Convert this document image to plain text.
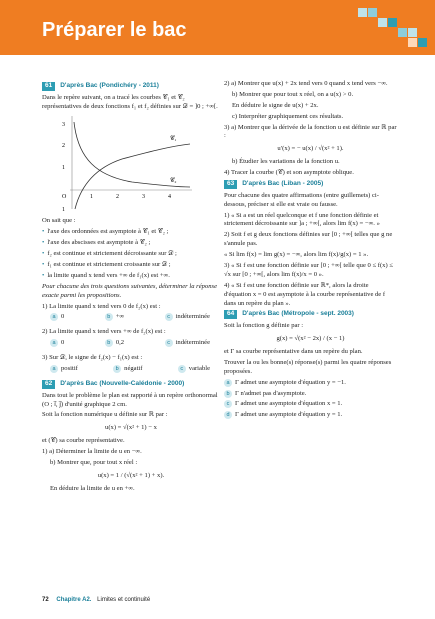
Préparer le bac
61	D'après Bac (Pondichéry - 2011)

Dans le repère suivant, on a tracé les courbes 𝒞₁ et 𝒞₂ représentatives de deux fonctions f₁ et f₂ définies sur 𝒟 = ]0 ; +∞[.

3
2
1
O	1	2	3	4
1
𝒞₁
𝒞₂

On sait que :

• l'axe des ordonnées est asymptote à 𝒞₁ et 𝒞₂ ;

• l'axe des abscisses est asymptote à 𝒞₂ ;

• f₂ est continue et strictement décroissante sur 𝒟 ;

• f₁ est continue et strictement croissante sur 𝒟 ;

• la limite quand x tend vers +∞ de f₁(x) est +∞.

Pour chacune des trois questions suivantes, déterminer la réponse exacte parmi les propositions.

1) La limite quand x tend vers 0 de f₂(x) est :

a 0	b +∞	c indéterminée

2) La limite quand x tend vers +∞ de f₂(x) est :

a 0	b 0,2	c indéterminée

3) Sur 𝒟, le signe de f₂(x) − f₁(x) est :

a positif	b négatif	c variable
62	D'après Bac (Nouvelle-Calédonie - 2000)

Dans tout le problème le plan est rapporté à un repère orthonormal (O ; i⃗, j⃗) d'unité graphique 2 cm.

Soit la fonction numérique u définie sur ℝ par :

u(x) = √(x² + 1) − x

et (𝒞) sa courbe représentative.

1) a) Déterminer la limite de u en −∞.

b) Montrer que, pour tout x réel :

u(x) = 1 / (√(x² + 1) + x).

En déduire la limite de u en +∞.

2) a) Montrer que u(x) + 2x tend vers 0 quand x tend vers −∞.

b) Montrer que pour tout x réel, on a u(x) > 0.

En déduire le signe de u(x) + 2x.

c) Interpréter graphiquement ces résultats.

3) a) Montrer que la dérivée de la fonction u est définie sur ℝ par :

u′(x) = − u(x) / √(x² + 1).

b) Étudier les variations de la fonction u.

4) Tracer la courbe (𝒞) et son asymptote oblique.

63	D'après Bac (Liban - 2005)

Pour chacune des quatre affirmations (entre guillemets) ci-dessous, préciser si elle est vraie ou fausse.

1) « Si a est un réel quelconque et f une fonction définie et strictement décroissante sur ]a ; +∞[, alors lim f(x) = −∞. »

2) Soit f et g deux fonctions définies sur [0 ; +∞[ telles que g ne s'annule pas.

« Si lim f(x) = lim g(x) = −∞, alors lim f(x)/g(x) = 1 ».

3) « Si f est une fonction définie sur [0 ; +∞[ telle que 0 ≤ f(x) ≤ √x sur [0 ; +∞[, alors lim f(x)/x = 0 ».

4) « Si f est une fonction définie sur ℝ*, alors la droite d'équation x = 0 est asymptote à la courbe représentative de f dans un repère du plan ».

64	D'après Bac (Métropole - sept. 2003)

Soit la fonction g définie par :

g(x) = √(x² − 2x) / (x − 1)

et Γ sa courbe représentative dans un repère du plan.

Trouver la ou les bonne(s) réponse(s) parmi les quatre réponses proposées.

a Γ admet une asymptote d'équation y = −1.

b Γ n'admet pas d'asymptote.

c Γ admet une asymptote d'équation x = 1.

d Γ admet une asymptote d'équation y = 1.

72 Chapitre A2. Limites et continuité
